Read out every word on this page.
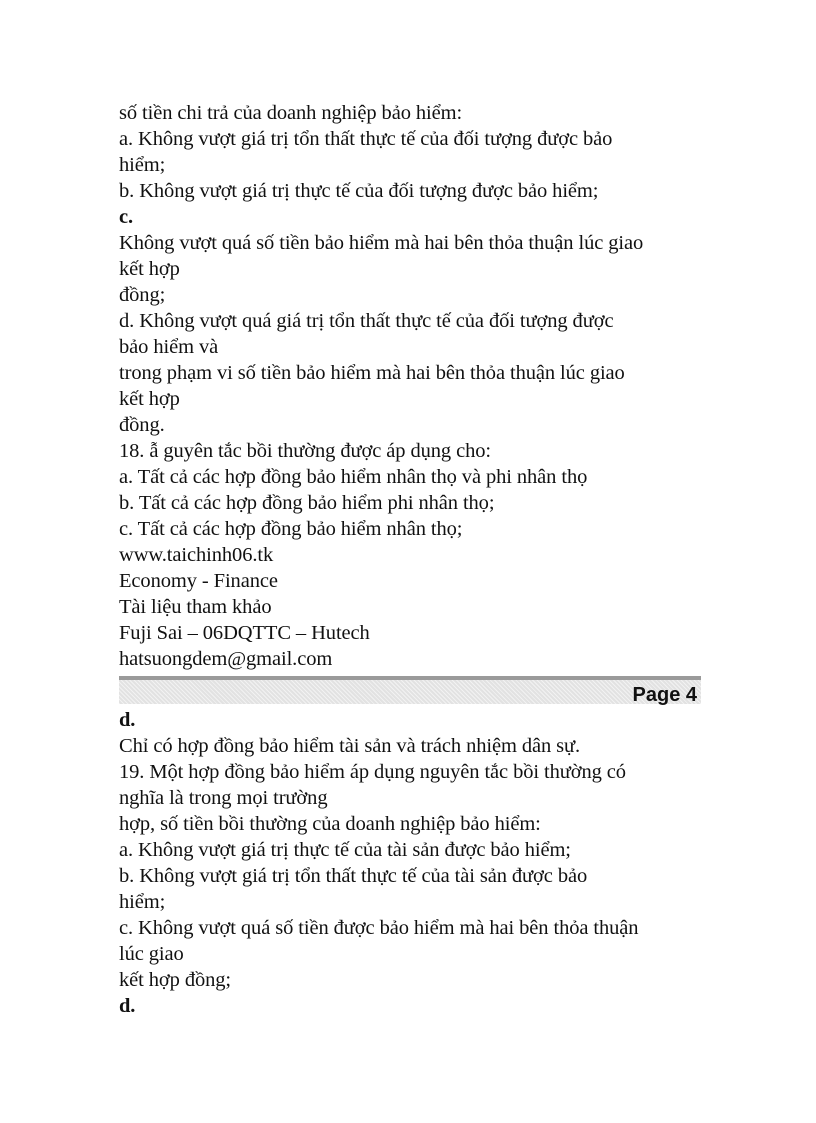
số tiền chi trả của doanh nghiệp bảo hiểm:
a. Không vượt giá trị tổn thất thực tế của đối tượng được bảo
hiểm;
b. Không vượt giá trị thực tế của đối tượng được bảo hiểm;
c.
Không vượt quá số tiền bảo hiểm mà hai bên thỏa thuận lúc giao
kết hợp
đồng;
d. Không vượt quá giá trị tổn thất thực tế của đối tượng được
bảo hiểm và
trong phạm vi số tiền bảo hiểm mà hai bên thỏa thuận lúc giao
kết hợp
đồng.
18. ẫ guyên tắc bồi thường được áp dụng cho:
a. Tất cả các hợp đồng bảo hiểm nhân thọ và phi nhân thọ
b. Tất cả các hợp đồng bảo hiểm phi nhân thọ;
c. Tất cả các hợp đồng bảo hiểm nhân thọ;
www.taichinh06.tk
Economy - Finance
Tài liệu tham khảo
Fuji Sai – 06DQTTC – Hutech
hatsuongdem@gmail.com
Page 4
d.
Chỉ có hợp đồng bảo hiểm tài sản và trách nhiệm dân sự.
19. Một hợp đồng bảo hiểm áp dụng nguyên tắc bồi thường có
nghĩa là trong mọi trường
hợp, số tiền bồi thường của doanh nghiệp bảo hiểm:
a. Không vượt giá trị thực tế của tài sản được bảo hiểm;
b. Không vượt giá trị tổn thất thực tế của tài sản được bảo
hiểm;
c. Không vượt quá số tiền được bảo hiểm mà hai bên thỏa thuận
lúc giao
kết hợp đồng;
d.
